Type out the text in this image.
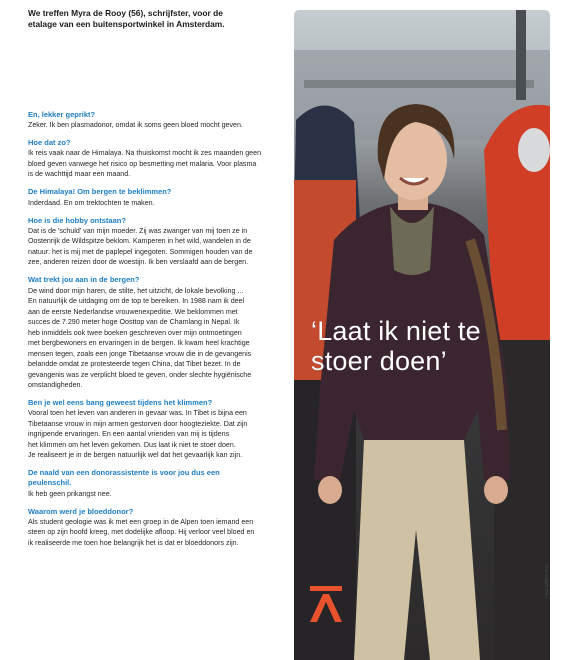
We treffen Myra de Rooy (56), schrijfster, voor de
etalage van een buitensportwinkel in Amsterdam.
En, lekker geprikt?
Zeker. Ik ben plasmadonor, omdat ik soms geen bloed mocht geven.
Hoe dat zo?
Ik reis vaak naar de Himalaya. Na thuiskomst mocht ik zes maanden geen
bloed geven vanwege het risico op besmetting met malaria. Voor plasma
is de wachttijd maar een maand.
De Himalaya! Om bergen te beklimmen?
Inderdaad. En om trektochten te maken.
Hoe is die hobby ontstaan?
Dat is de 'schuld' van mijn moeder. Zij was zwanger van mij toen ze in
Oostenrijk de Wildspitze beklom. Kamperen in het wild, wandelen in de
natuur: het is mij met de paplepel ingegoten. Sommigen houden van de
zee, anderen reizen door de woestijn. Ik ben verslaafd aan de bergen.
Wat trekt jou aan in de bergen?
De wind door mijn haren, de stilte, het uitzicht, de lokale bevolking ...
En natuurlijk de uitdaging om de top te bereiken. In 1988 nam ik deel
aan de eerste Nederlandse vrouwenexpeditie. We beklommen met
succes de 7.290 meter hoge Oosttop van de Chamlang in Nepal. Ik
heb inmiddels ook twee boeken geschreven over mijn ontmoetingen
met bergbewoners en ervaringen in de bergen. Ik kwam heel krachtige
mensen tegen, zoals een jonge Tibetaanse vrouw die in de gevangenis
belandde omdat ze protesteerde tegen China, dat Tibet bezet. In de
gevangenis was ze verplicht bloed te geven, onder slechte hygiënische
omstandigheden.
Ben je wel eens bang geweest tijdens het klimmen?
Vooral toen het leven van anderen in gevaar was. In Tibet is bijna een
Tibetaanse vrouw in mijn armen gestorven door hoogteziekte. Dat zijn
ingrijpende ervaringen. En een aantal vrienden van mij is tijdens
het klimmen om het leven gekomen. Dus laat ik niet te stoer doen.
Je realiseert je in de bergen natuurlijk wel dat het gevaarlijk kan zijn.
De naald van een donorassistente is voor jou dus een
peulenschil.
Ik heb geen prikangst nee.
Waarom werd je bloeddonor?
Als student geologie was ik met een groep in de Alpen toen iemand een
steen op zijn hoofd kreeg, met dodelijke afloop. Hij verloor veel bloed en
ik realiseerde me toen hoe belangrijk het is dat er bloeddonors zijn.
‘Laat ik niet te
stoer doen’
Foto Willem Ros
